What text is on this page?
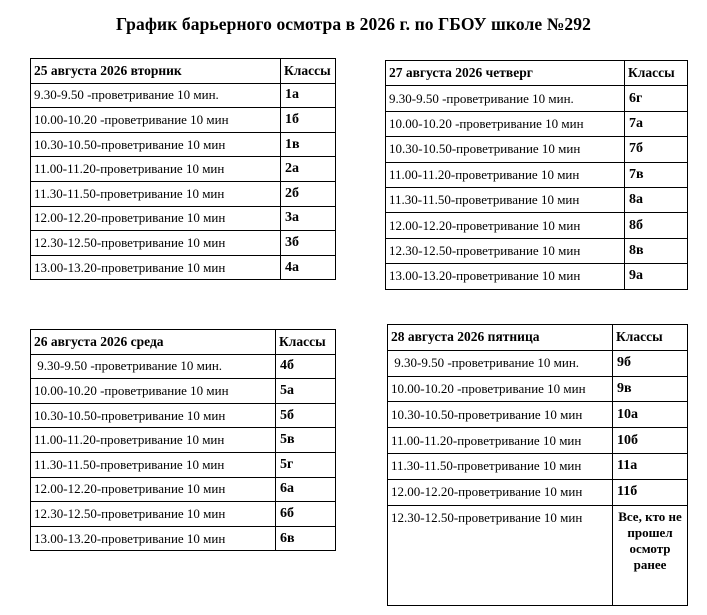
График барьерного осмотра в 2026 г. по ГБОУ школе №292
25 августа 2026 вторник	Классы
9.30-9.50 -проветривание 10 мин.	1а
10.00-10.20 -проветривание 10 мин	1б
10.30-10.50-проветривание 10 мин	1в
11.00-11.20-проветривание 10 мин	2а
11.30-11.50-проветривание 10 мин	2б
12.00-12.20-проветривание 10 мин	3а
12.30-12.50-проветривание 10 мин	3б
13.00-13.20-проветривание 10 мин	4а
27 августа 2026 четверг	Классы
9.30-9.50 -проветривание 10 мин.	6г
10.00-10.20 -проветривание 10 мин	7а
10.30-10.50-проветривание 10 мин	7б
11.00-11.20-проветривание 10 мин	7в
11.30-11.50-проветривание 10 мин	8а
12.00-12.20-проветривание 10 мин	8б
12.30-12.50-проветривание 10 мин	8в
13.00-13.20-проветривание 10 мин	9а
26 августа 2026 среда	Классы
9.30-9.50 -проветривание 10 мин.	4б
10.00-10.20 -проветривание 10 мин	5а
10.30-10.50-проветривание 10 мин	5б
11.00-11.20-проветривание 10 мин	5в
11.30-11.50-проветривание 10 мин	5г
12.00-12.20-проветривание 10 мин	6а
12.30-12.50-проветривание 10 мин	6б
13.00-13.20-проветривание 10 мин	6в
28 августа 2026 пятница	Классы
9.30-9.50 -проветривание 10 мин.	9б
10.00-10.20 -проветривание 10 мин	9в
10.30-10.50-проветривание 10 мин	10а
11.00-11.20-проветривание 10 мин	10б
11.30-11.50-проветривание 10 мин	11а
12.00-12.20-проветривание 10 мин	11б
12.30-12.50-проветривание 10 мин	Все, кто не прошел осмотр ранее
